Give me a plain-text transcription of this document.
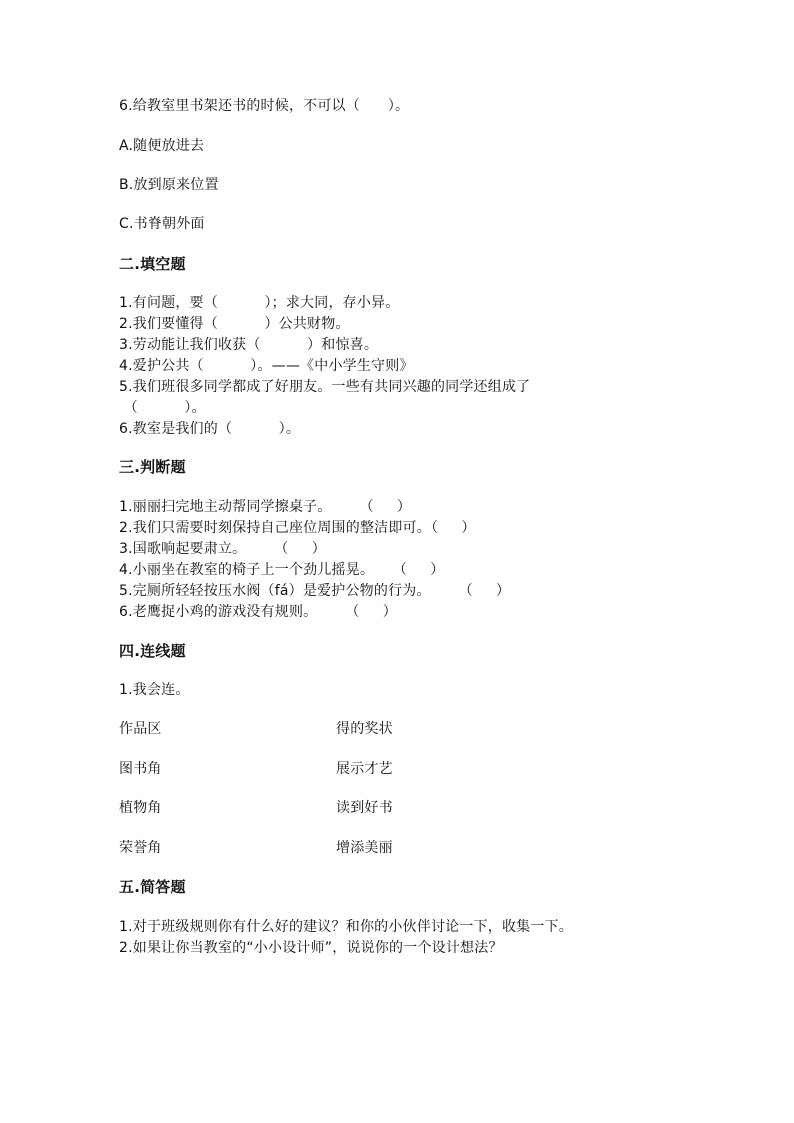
6.给教室里书架还书的时候，不可以（      ）。
A.随便放进去
B.放到原来位置
C.书脊朝外面
二.填空题
1.有问题，要（          ）；求大同，存小异。
2.我们要懂得（          ）公共财物。
3.劳动能让我们收获（          ）和惊喜。
4.爱护公共（          ）。——《中小学生守则》
5.我们班很多同学都成了好朋友。一些有共同兴趣的同学还组成了
（          ）。
6.教室是我们的（          ）。
三.判断题
1.丽丽扫完地主动帮同学擦桌子。      （     ）
2.我们只需要时刻保持自己座位周围的整洁即可。（     ）
3.国歌响起要肃立。      （     ）
4.小丽坐在教室的椅子上一个劲儿摇晃。    （     ）
5.完厕所轻轻按压水阀（fá）是爱护公物的行为。      （     ）
6.老鹰捉小鸡的游戏没有规则。      （     ）
四.连线题
1.我会连。
作品区	得的奖状
图书角	展示才艺
植物角	读到好书
荣誉角	增添美丽
五.简答题
1.对于班级规则你有什么好的建议？和你的小伙伴讨论一下，收集一下。
2.如果让你当教室的“小小设计师”，说说你的一个设计想法？
